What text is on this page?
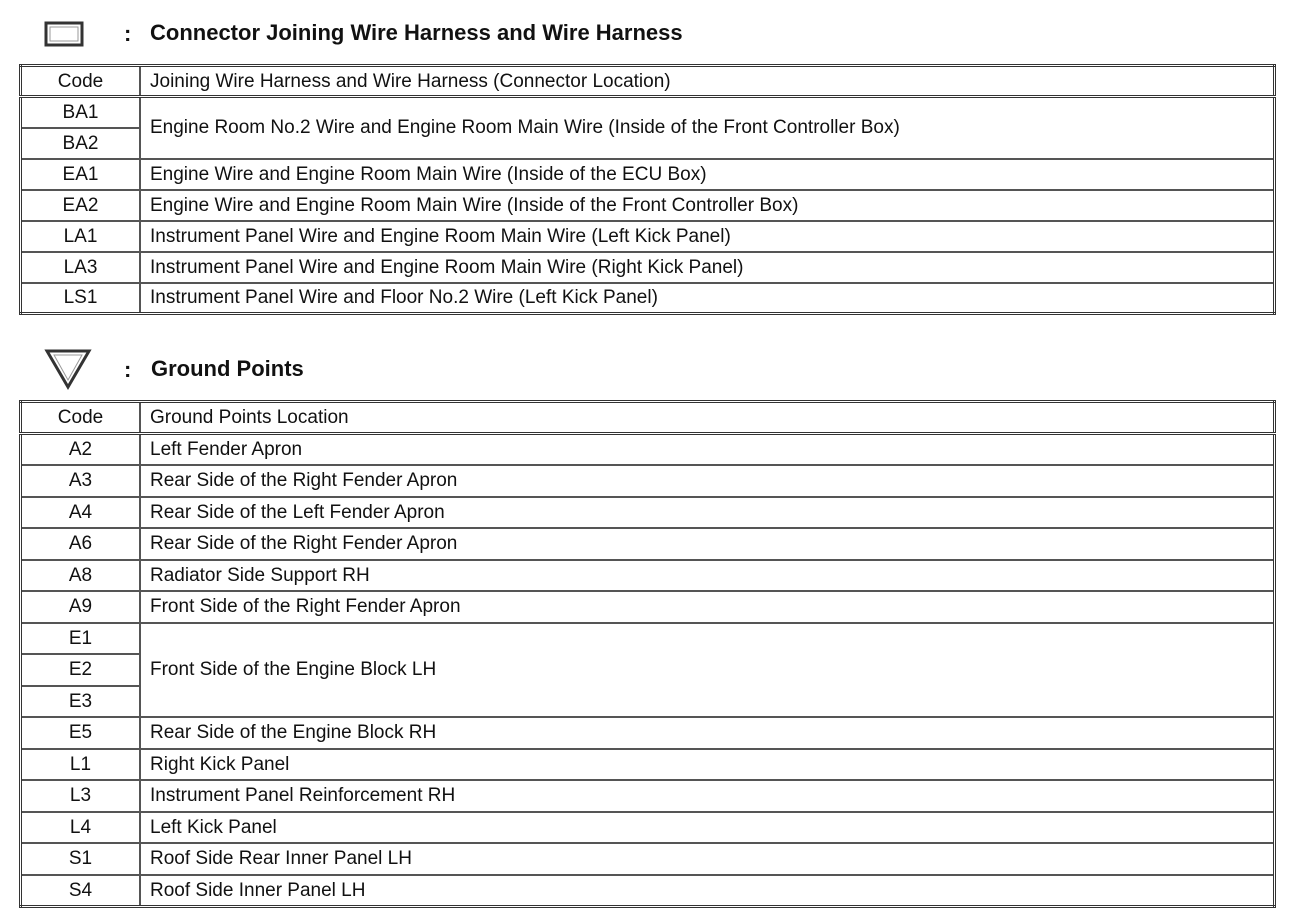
: Connector Joining Wire Harness and Wire Harness
Code	Joining Wire Harness and Wire Harness (Connector Location)
BA1	Engine Room No.2 Wire and Engine Room Main Wire (Inside of the Front Controller Box)
BA2	
EA1	Engine Wire and Engine Room Main Wire (Inside of the ECU Box)
EA2	Engine Wire and Engine Room Main Wire (Inside of the Front Controller Box)
LA1	Instrument Panel Wire and Engine Room Main Wire (Left Kick Panel)
LA3	Instrument Panel Wire and Engine Room Main Wire (Right Kick Panel)
LS1	Instrument Panel Wire and Floor No.2 Wire (Left Kick Panel)
: Ground Points
Code	Ground Points Location
A2	Left Fender Apron
A3	Rear Side of the Right Fender Apron
A4	Rear Side of the Left Fender Apron
A6	Rear Side of the Right Fender Apron
A8	Radiator Side Support RH
A9	Front Side of the Right Fender Apron
E1	Front Side of the Engine Block LH
E2	
E3	
E5	Rear Side of the Engine Block RH
L1	Right Kick Panel
L3	Instrument Panel Reinforcement RH
L4	Left Kick Panel
S1	Roof Side Rear Inner Panel LH
S4	Roof Side Inner Panel LH
